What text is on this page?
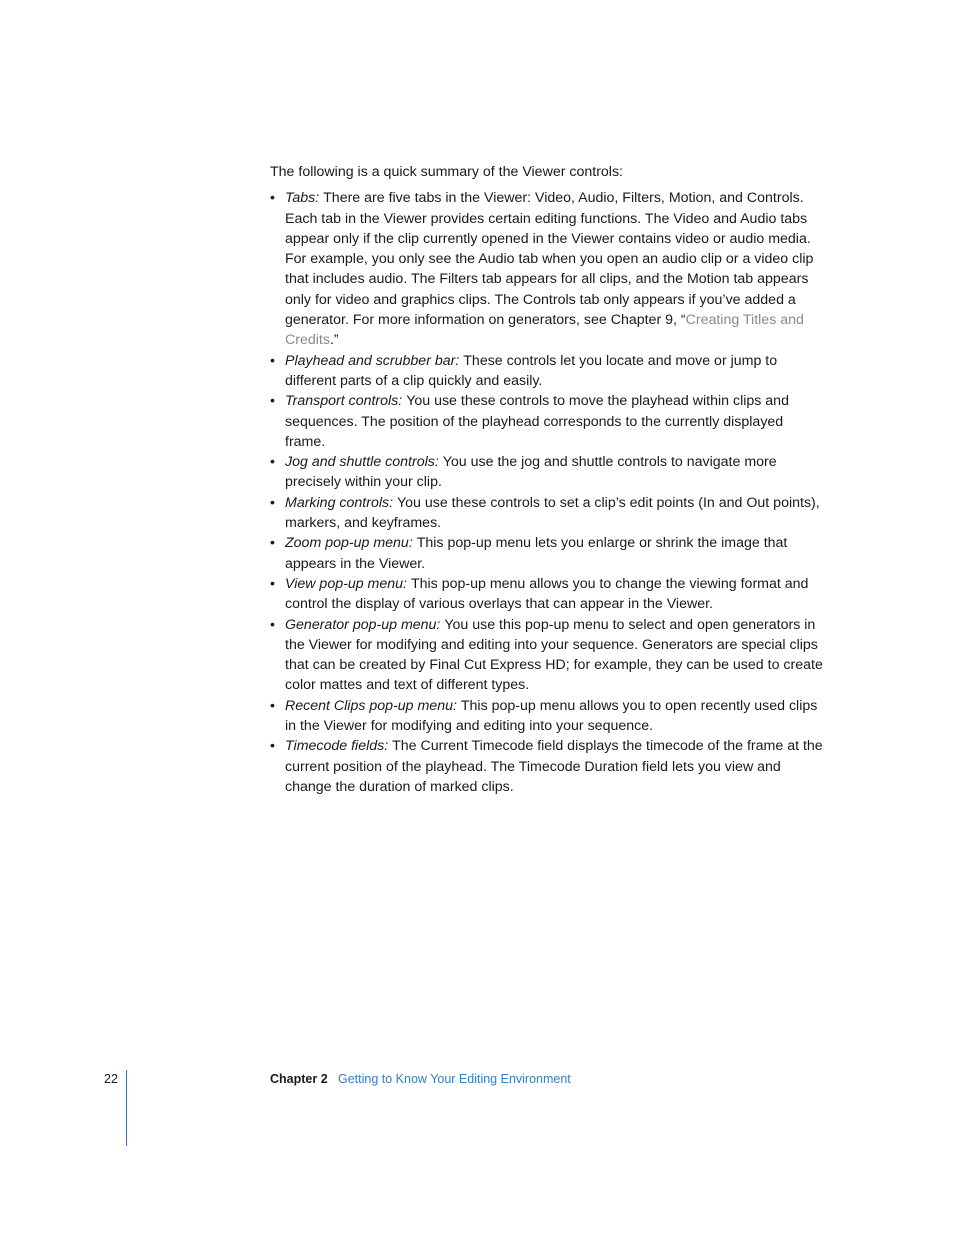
The following is a quick summary of the Viewer controls:

• Tabs: There are five tabs in the Viewer: Video, Audio, Filters, Motion, and Controls. Each tab in the Viewer provides certain editing functions. The Video and Audio tabs appear only if the clip currently opened in the Viewer contains video or audio media. For example, you only see the Audio tab when you open an audio clip or a video clip that includes audio. The Filters tab appears for all clips, and the Motion tab appears only for video and graphics clips. The Controls tab only appears if you’ve added a generator. For more information on generators, see Chapter 9, “Creating Titles and Credits.”
• Playhead and scrubber bar: These controls let you locate and move or jump to different parts of a clip quickly and easily.
• Transport controls: You use these controls to move the playhead within clips and sequences. The position of the playhead corresponds to the currently displayed frame.
• Jog and shuttle controls: You use the jog and shuttle controls to navigate more precisely within your clip.
• Marking controls: You use these controls to set a clip’s edit points (In and Out points), markers, and keyframes.
• Zoom pop-up menu: This pop-up menu lets you enlarge or shrink the image that appears in the Viewer.
• View pop-up menu: This pop-up menu allows you to change the viewing format and control the display of various overlays that can appear in the Viewer.
• Generator pop-up menu: You use this pop-up menu to select and open generators in the Viewer for modifying and editing into your sequence. Generators are special clips that can be created by Final Cut Express HD; for example, they can be used to create color mattes and text of different types.
• Recent Clips pop-up menu: This pop-up menu allows you to open recently used clips in the Viewer for modifying and editing into your sequence.
• Timecode fields: The Current Timecode field displays the timecode of the frame at the current position of the playhead. The Timecode Duration field lets you view and change the duration of marked clips.
22	Chapter 2 Getting to Know Your Editing Environment
